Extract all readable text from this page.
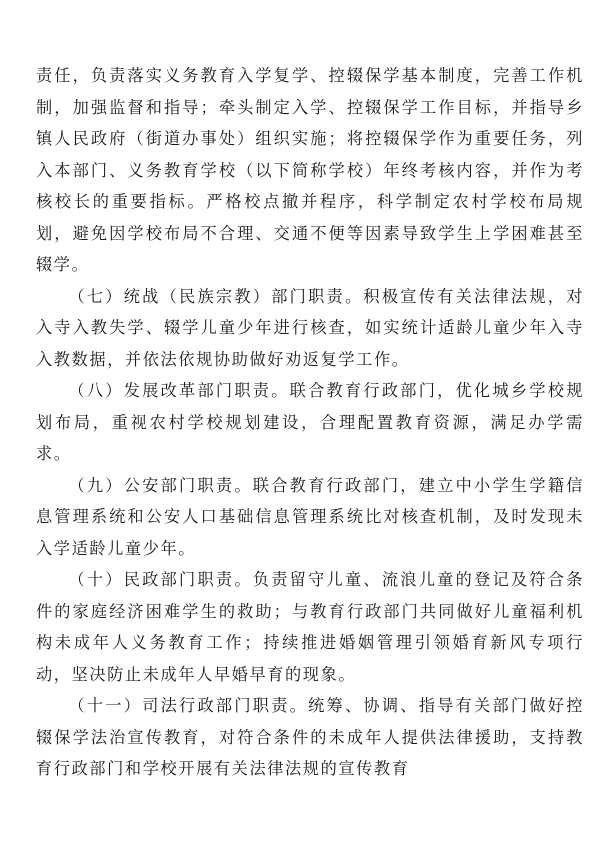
责任，负责落实义务教育入学复学、控辍保学基本制度，完善工作机制，加强监督和指导；牵头制定入学、控辍保学工作目标，并指导乡镇人民政府（街道办事处）组织实施；将控辍保学作为重要任务，列入本部门、义务教育学校（以下简称学校）年终考核内容，并作为考核校长的重要指标。严格校点撤并程序，科学制定农村学校布局规划，避免因学校布局不合理、交通不便等因素导致学生上学困难甚至辍学。

（七）统战（民族宗教）部门职责。积极宣传有关法律法规，对入寺入教失学、辍学儿童少年进行核查，如实统计适龄儿童少年入寺入教数据，并依法依规协助做好劝返复学工作。

（八）发展改革部门职责。联合教育行政部门，优化城乡学校规划布局，重视农村学校规划建设，合理配置教育资源，满足办学需求。

（九）公安部门职责。联合教育行政部门，建立中小学生学籍信息管理系统和公安人口基础信息管理系统比对核查机制，及时发现未入学适龄儿童少年。

（十）民政部门职责。负责留守儿童、流浪儿童的登记及符合条件的家庭经济困难学生的救助；与教育行政部门共同做好儿童福利机构未成年人义务教育工作；持续推进婚姻管理引领婚育新风专项行动，坚决防止未成年人早婚早育的现象。

（十一）司法行政部门职责。统筹、协调、指导有关部门做好控辍保学法治宣传教育，对符合条件的未成年人提供法律援助，支持教育行政部门和学校开展有关法律法规的宣传教育
